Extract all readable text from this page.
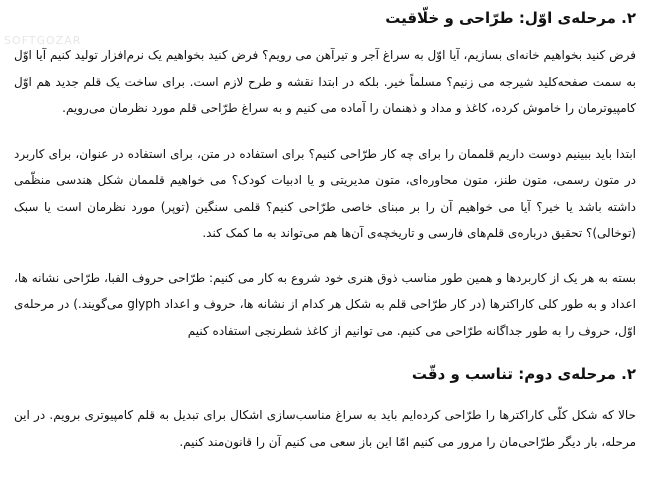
SOFTGOZAR
۲. مرحله‌ی اوّل: طرّاحی و خلّاقیت

فرض کنید بخواهیم خانه‌ای بسازیم، آیا اوّل به سراغ آجر و تیرآهن می رویم؟ فرض کنید بخواهیم یک نرم‌افزار تولید کنیم آیا اوّل به سمت صفحه‌کلید شیرجه می زنیم؟ مسلماً خیر. بلکه در ابتدا نقشه و طرح لازم است. برای ساخت یک قلم جدید هم اوّل کامپیوترمان را خاموش کرده، کاغذ و مداد و ذهنمان را آماده می کنیم و به سراغ طرّاحی قلم مورد نظرمان می‌رویم.

ابتدا باید ببینیم دوست داریم قلممان را برای چه کار طرّاحی کنیم؟ برای استفاده در متن، برای استفاده در عنوان، برای کاربرد در متون رسمی، متون طنز، متون محاوره‌ای، متون مدیریتی و یا ادبیات کودک؟ می خواهیم قلممان شکل هندسی منظّمی داشته باشد یا خیر؟ آیا می خواهیم آن را بر مبنای خاصی طرّاحی کنیم؟ قلمی سنگین (توپر) مورد نظرمان است یا سبک (توخالی)؟ تحقیق درباره‌ی قلم‌های فارسی و تاریخچه‌ی آن‌ها هم می‌تواند به ما کمک کند.

بسته به هر یک از کاربردها و همین طور مناسب ذوق هنری خود شروع به کار می کنیم: طرّاحی حروف الفبا، طرّاحی نشانه ها، اعداد و به طور کلی کاراکترها (در کار طرّاحی قلم به شکل هر کدام از نشانه ها، حروف و اعداد glyph می‌گویند.) در مرحله‌ی اوّل، حروف را به طور جداگانه طرّاحی می کنیم. می توانیم از کاغذ شطرنجی استفاده کنیم

۲. مرحله‌ی دوم: تناسب و دقّت

حالا که شکل کلّی کاراکترها را طرّاحی کرده‌ایم باید به سراغ مناسب‌سازی اشکال برای تبدیل به قلم کامپیوتری برویم. در این مرحله، بار دیگر طرّاحی‌مان را مرور می کنیم امّا این باز سعی می کنیم آن را قانون‌مند کنیم.
